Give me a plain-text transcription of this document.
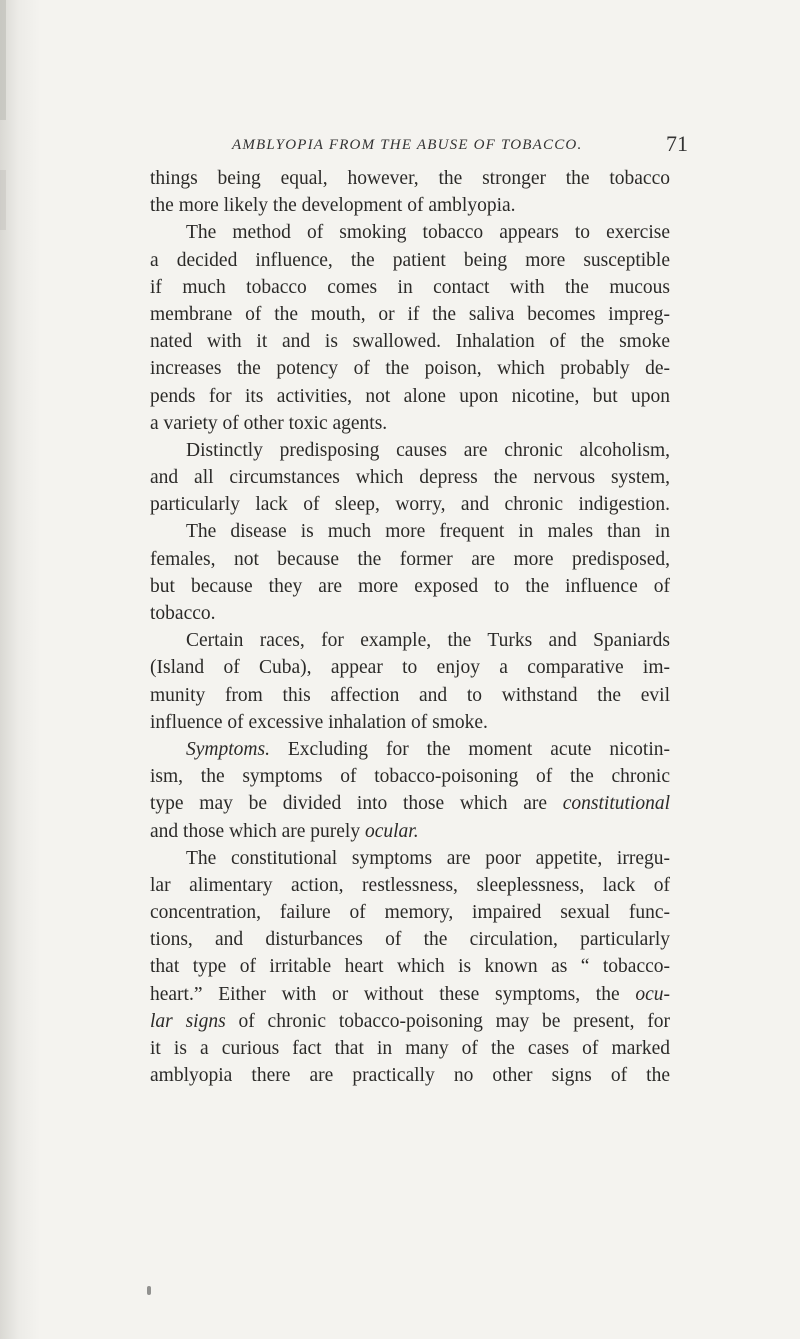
AMBLYOPIA FROM THE ABUSE OF TOBACCO.	71
things being equal, however, the stronger the tobacco
the more likely the development of amblyopia.
The method of smoking tobacco appears to exercise
a decided influence, the patient being more susceptible
if much tobacco comes in contact with the mucous
membrane of the mouth, or if the saliva becomes impreg-
nated with it and is swallowed. Inhalation of the smoke
increases the potency of the poison, which probably de-
pends for its activities, not alone upon nicotine, but upon
a variety of other toxic agents.
Distinctly predisposing causes are chronic alcoholism,
and all circumstances which depress the nervous system,
particularly lack of sleep, worry, and chronic indigestion.
The disease is much more frequent in males than in
females, not because the former are more predisposed,
but because they are more exposed to the influence of
tobacco.
Certain races, for example, the Turks and Spaniards
(Island of Cuba), appear to enjoy a comparative im-
munity from this affection and to withstand the evil
influence of excessive inhalation of smoke.
Symptoms. Excluding for the moment acute nicotin-
ism, the symptoms of tobacco-poisoning of the chronic
type may be divided into those which are constitutional
and those which are purely ocular.
The constitutional symptoms are poor appetite, irregu-
lar alimentary action, restlessness, sleeplessness, lack of
concentration, failure of memory, impaired sexual func-
tions, and disturbances of the circulation, particularly
that type of irritable heart which is known as “ tobacco-
heart.” Either with or without these symptoms, the ocu-
lar signs of chronic tobacco-poisoning may be present, for
it is a curious fact that in many of the cases of marked
amblyopia there are practically no other signs of the
